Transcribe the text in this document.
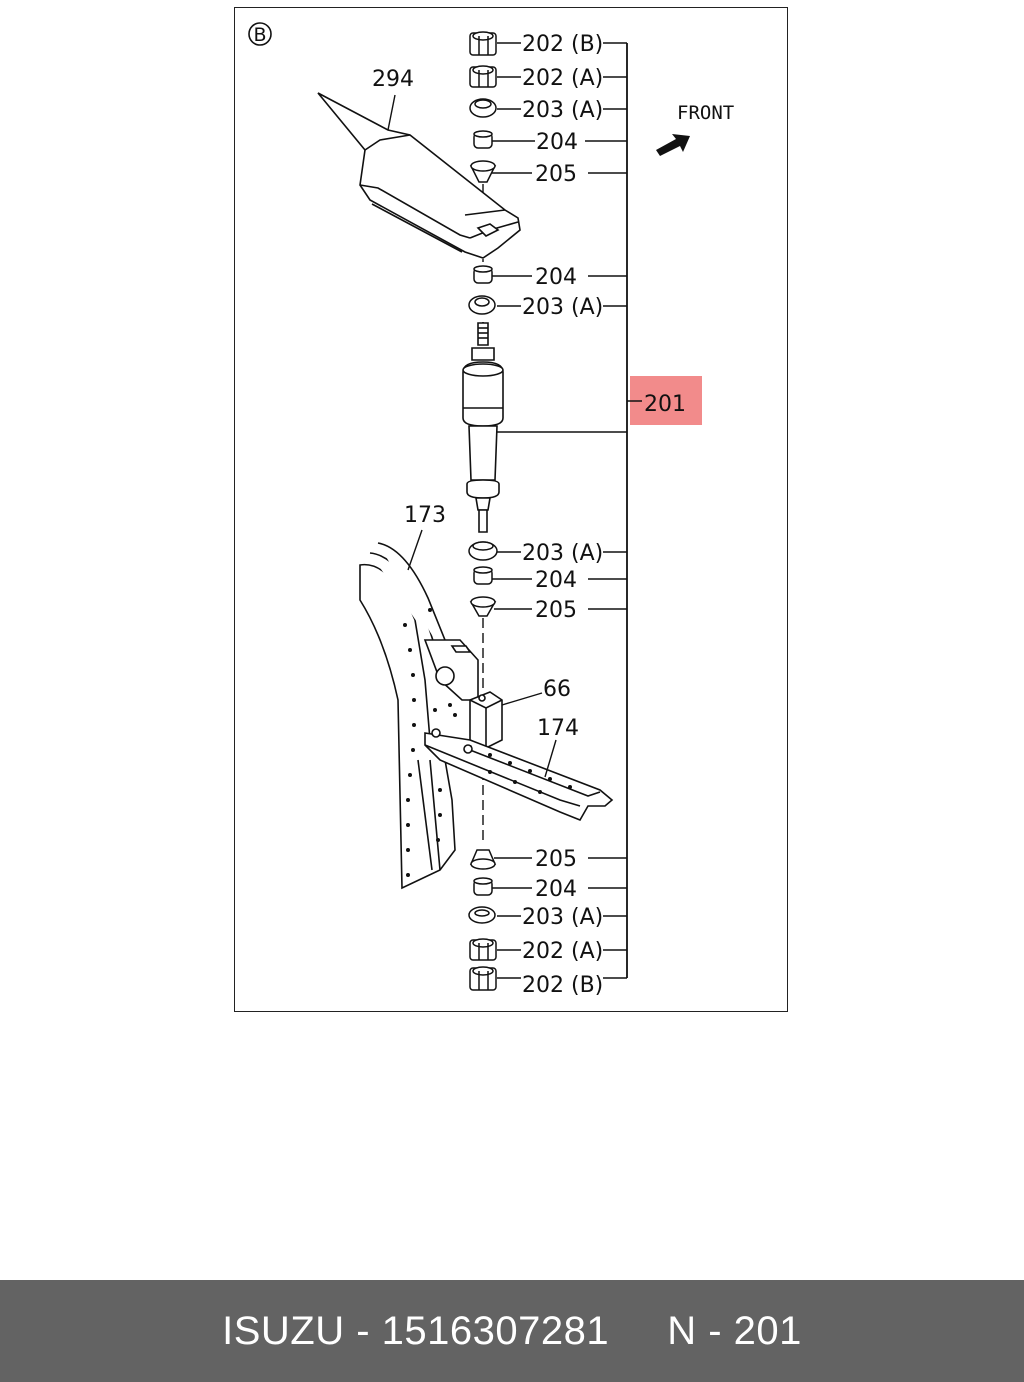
B
FRONT
201
202 (B)
202 (A)
203 (A)
204
205
204
203 (A)
203 (A)
204
205
205
204
203 (A)
202 (A)
202 (B)
294
173
66
174
ISUZU - 1516307281
N - 201
